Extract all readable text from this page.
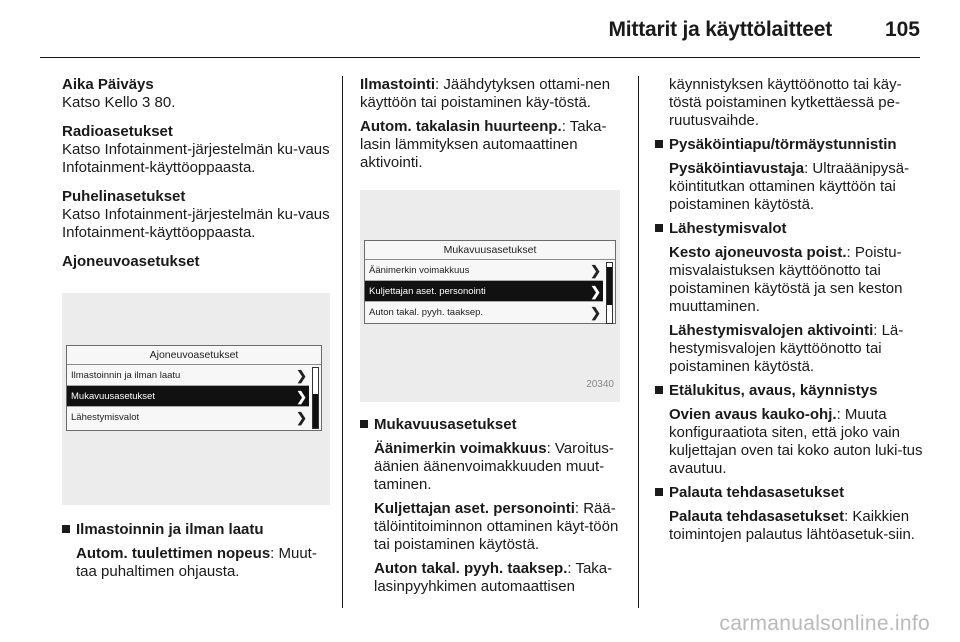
Mittarit ja käyttölaitteet	105
Aika Päiväys
Katso Kello 3 80.
Radioasetukset
Katso Infotainment-järjestelmän ku-vaus Infotainment-käyttöoppaasta.
Puhelinasetukset
Katso Infotainment-järjestelmän ku-vaus Infotainment-käyttöoppaasta.
Ajoneuvoasetukset
Ajoneuvoasetukset
Ilmastoinnin ja ilman laatu	❯
Mukavuusasetukset	❯
Lähestymisvalot	❯
Ilmastoinnin ja ilman laatu
Autom. tuulettimen nopeus: Muut-taa puhaltimen ohjausta.
Ilmastointi: Jäähdytyksen ottami-nen käyttöön tai poistaminen käy-töstä.
Autom. takalasin huurteenp.: Taka-lasin lämmityksen automaattinen aktivointi.
Mukavuusasetukset
Äänimerkin voimakkuus	❯
Kuljettajan aset. personointi	❯
Auton takal. pyyh. taaksep.	❯
20340
Mukavuusasetukset
Äänimerkin voimakkuus: Varoitus-äänien äänenvoimakkuuden muut-taminen.
Kuljettajan aset. personointi: Rää-tälöintitoiminnon ottaminen käyt-töön tai poistaminen käytöstä.
Auton takal. pyyh. taaksep.: Taka-lasinpyyhkimen automaattisen
käynnistyksen käyttöönotto tai käy-töstä poistaminen kytkettäessä pe-ruutusvaihde.
Pysäköintiapu/törmäystunnistin
Pysäköintiavustaja: Ultraäänipysä-köintitutkan ottaminen käyttöön tai poistaminen käytöstä.
Lähestymisvalot
Kesto ajoneuvosta poist.: Poistu-misvalaistuksen käyttöönotto tai poistaminen käytöstä ja sen keston muuttaminen.
Lähestymisvalojen aktivointi: Lä-hestymisvalojen käyttöönotto tai poistaminen käytöstä.
Etälukitus, avaus, käynnistys
Ovien avaus kauko-ohj.: Muuta konfiguraatiota siten, että joko vain kuljettajan oven tai koko auton luki-tus avautuu.
Palauta tehdasasetukset
Palauta tehdasasetukset: Kaikkien toimintojen palautus lähtöasetuk-siin.
carmanualsonline.info
